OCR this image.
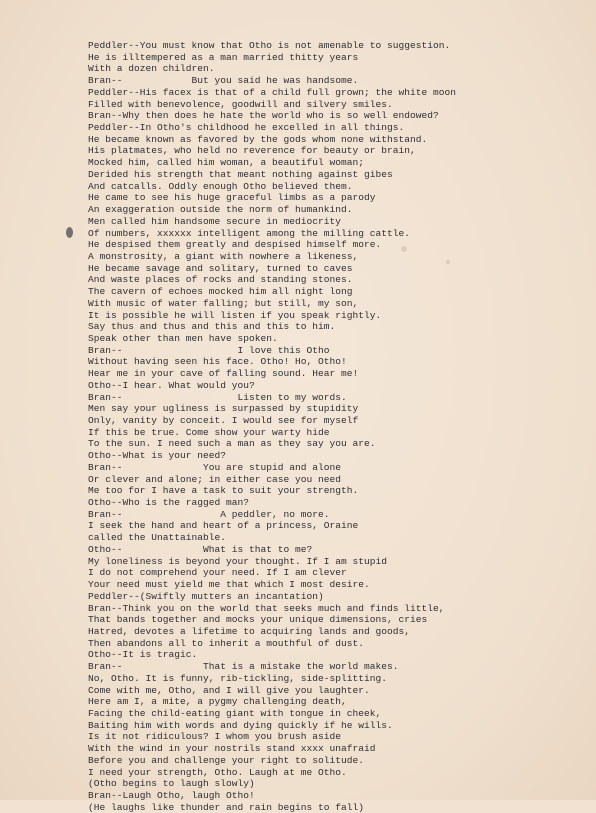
Peddler--You must know that Otho is not amenable to suggestion.
He is illtempered as a man married thitty years
With a dozen children.
Bran--            But you said he was handsome.
Peddler--His facex is that of a child full grown; the white moon
Filled with benevolence, goodwill and silvery smiles.
Bran--Why then does he hate the world who is so well endowed?
Peddler--In Otho's childhood he excelled in all things.
He became known as favored by the gods whom none withstand.
His platmates, who held no reverence for beauty or brain,
Mocked him, called him woman, a beautiful woman;
Derided his strength that meant nothing against gibes
And catcalls. Oddly enough Otho believed them.
He came to see his huge graceful limbs as a parody
An exaggeration outside the norm of humankind.
Men called him handsome secure in mediocrity
Of numbers, xxxxxx intelligent among the milling cattle.
He despised them greatly and despised himself more.
A monstrosity, a giant with nowhere a likeness,
He became savage and solitary, turned to caves
And waste places of rocks and standing stones.
The cavern of echoes mocked him all night long
With music of water falling; but still, my son,
It is possible he will listen if you speak rightly.
Say thus and thus and this and this to him.
Speak other than men have spoken.
Bran--                    I love this Otho
Without having seen his face. Otho! Ho, Otho!
Hear me in your cave of falling sound. Hear me!
Otho--I hear. What would you?
Bran--                    Listen to my words.
Men say your ugliness is surpassed by stupidity
Only, vanity by conceit. I would see for myself
If this be true. Come show your warty hide
To the sun. I need such a man as they say you are.
Otho--What is your need?
Bran--              You are stupid and alone
Or clever and alone; in either case you need
Me too for I have a task to suit your strength.
Otho--Who is the ragged man?
Bran--                 A peddler, no more.
I seek the hand and heart of a princess, Oraine
called the Unattainable.
Otho--              What is that to me?
My loneliness is beyond your thought. If I am stupid
I do not comprehend your need. If I am clever
Your need must yield me that which I most desire.
Peddler--(Swiftly mutters an incantation)
Bran--Think you on the world that seeks much and finds little,
That bands together and mocks your unique dimensions, cries
Hatred, devotes a lifetime to acquiring lands and goods,
Then abandons all to inherit a mouthful of dust.
Otho--It is tragic.
Bran--              That is a mistake the world makes.
No, Otho. It is funny, rib-tickling, side-splitting.
Come with me, Otho, and I will give you laughter.
Here am I, a mite, a pygmy challenging death,
Facing the child-eating giant with tongue in cheek,
Baiting him with words and dying quickly if he wills.
Is it not ridiculous? I whom you brush aside
With the wind in your nostrils stand xxxx unafraid
Before you and challenge your right to solitude.
I need your strength, Otho. Laugh at me Otho.
(Otho begins to laugh slowly)
Bran--Laugh Otho, laugh Otho!
(He laughs like thunder and rain begins to fall)
